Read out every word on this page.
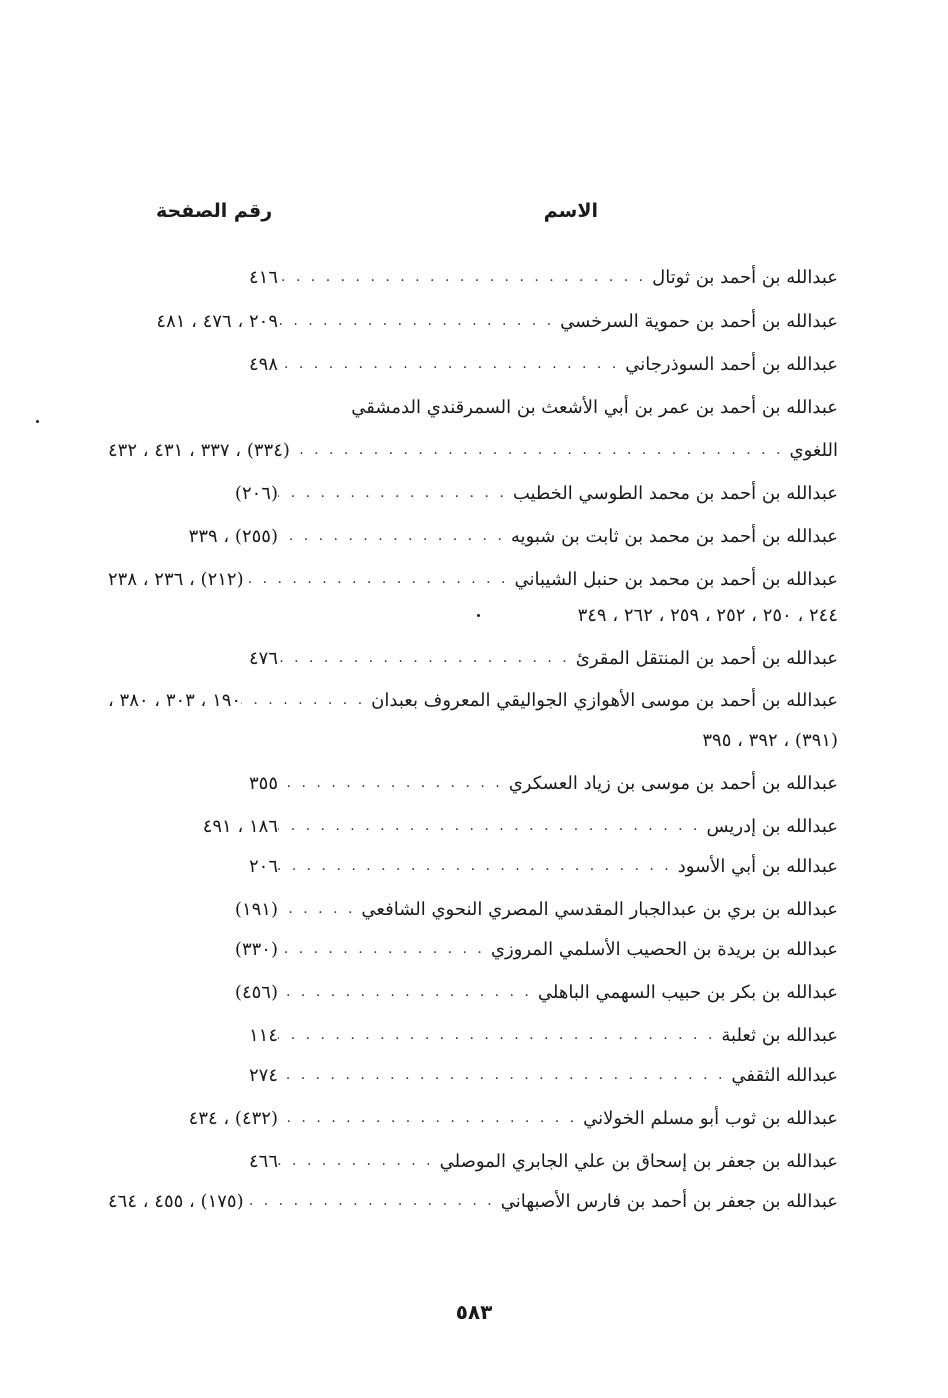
الاسم
رقم الصفحة
عبدالله بن أحمد بن ثوتال
. . .
٤١٦
عبدالله بن أحمد بن حموية السرخسي
. . .
٢٠٩ ، ٤٧٦ ، ٤٨١
عبدالله بن أحمد السوذرجاني
. . .
٤٩٨
عبدالله بن أحمد بن عمر بن أبي الأشعث بن السمرقندي الدمشقي
اللغوي
. . .
(٣٣٤) ، ٣٣٧ ، ٤٣١ ، ٤٣٢
عبدالله بن أحمد بن محمد الطوسي الخطيب
. . .
(٢٠٦)
عبدالله بن أحمد بن محمد بن ثابت بن شبويه
. . .
(٢٥٥) ، ٣٣٩
عبدالله بن أحمد بن محمد بن حنبل الشيباني
. . .
(٢١٢) ، ٢٣٦ ، ٢٣٨
٢٤٤ ، ٢٥٠ ، ٢٥٢ ، ٢٥٩ ، ٢٦٢ ، ٣٤٩
عبدالله بن أحمد بن المنتقل المقرئ
. . .
٤٧٦
عبدالله بن أحمد بن موسى الأهوازي الجواليقي المعروف بعبدان
. . .
١٩٠ ، ٣٠٣ ، ٣٨٠ ،
(٣٩١) ، ٣٩٢ ، ٣٩٥
عبدالله بن أحمد بن موسى بن زياد العسكري
. . .
٣٥٥
عبدالله بن إدريس
. . .
١٨٦ ، ٤٩١
عبدالله بن أبي الأسود
. . .
٢٠٦
عبدالله بن بري بن عبدالجبار المقدسي المصري النحوي الشافعي
. . .
(١٩١)
عبدالله بن بريدة بن الحصيب الأسلمي المروزي
. . .
(٣٣٠)
عبدالله بن بكر بن حبيب السهمي الباهلي
. . .
(٤٥٦)
عبدالله بن ثعلبة
. . .
١١٤
عبدالله الثقفي
. . .
٢٧٤
عبدالله بن ثوب أبو مسلم الخولاني
. . .
(٤٣٢) ، ٤٣٤
عبدالله بن جعفر بن إسحاق بن علي الجابري الموصلي
. . .
٤٦٦
عبدالله بن جعفر بن أحمد بن فارس الأصبهاني
. . .
(١٧٥) ، ٤٥٥ ، ٤٦٤
٥٨٣
